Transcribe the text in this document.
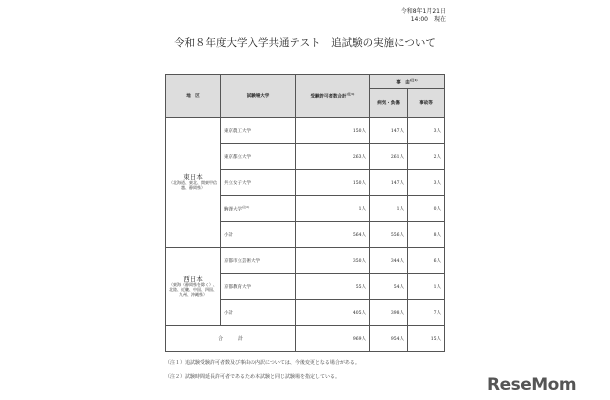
令和8年1月21日
14:00　現在
令和８年度大学入学共通テスト　追試験の実施について
地　区	試験場大学	受験許可者数合計$^{(注1)}$	事　由$^{(注1)}$
			病気・負傷	事故等

東日本
（北海道、東北、関東甲信越、静岡県）	東京農工大学	150人	147人	3人
	東京都立大学	263人	261人	2人
	共立女子大学	150人	147人	3人
	駒澤大学$^{(注2)}$	1人	1人	0人
	小計	564人	556人	8人

西日本
（東海（静岡県を除く）、北陸、近畿、中国、四国、九州、沖縄県）	京都市立芸術大学	350人	344人	6人
	京都教育大学	55人	54人	1人
	小計	405人	398人	7人
合　　　計		969人	954人	15人
（注１）追試験受験許可者数及び事由の内訳については、今後変更となる場合がある。
（注２）試験時間延長許可者であるため本試験と同じ試験場を指定している。	ReseMom
